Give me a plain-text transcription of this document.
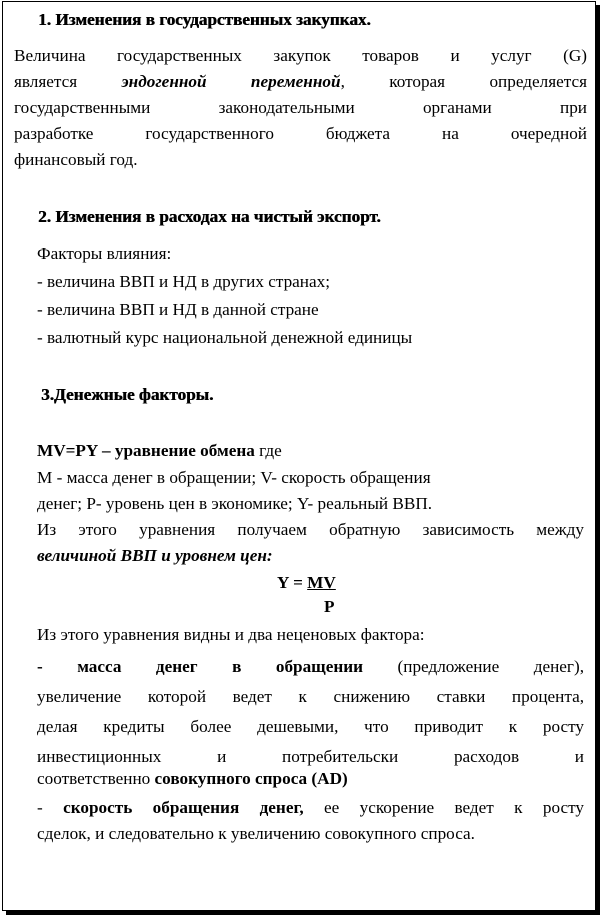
1. Изменения в государственных закупках.
Величина государственных закупок товаров и услуг (G)
является	эндогенной переменной, которая определяется
государственными законодательными органами при
разработке государственного бюджета на очередной
финансовый год.
2. Изменения в расходах на чистый экспорт.
Факторы влияния:
- величина ВВП и НД в других странах;
- величина ВВП и НД в данной стране
- валютный курс национальной денежной единицы
3.Денежные факторы.
MV=PY – уравнение обмена где
M - масса денег в обращении; V- скорость обращения
денег; P- уровень цен в экономике; Y- реальный ВВП.
Из этого уравнения получаем обратную зависимость между
величиной ВВП и уровнем цен:
Y = MV
P
Из этого уравнения видны и два неценовых фактора:
- масса денег в обращении (предложение денег),
увеличение которой ведет к снижению ставки процента,
делая кредиты более дешевыми, что приводит к росту
инвестиционных и потребительски расходов и
соответственно совокупного спроса (AD)
- скорость обращения денег, ее ускорение ведет к росту
сделок, и следовательно к увеличению совокупного спроса.
